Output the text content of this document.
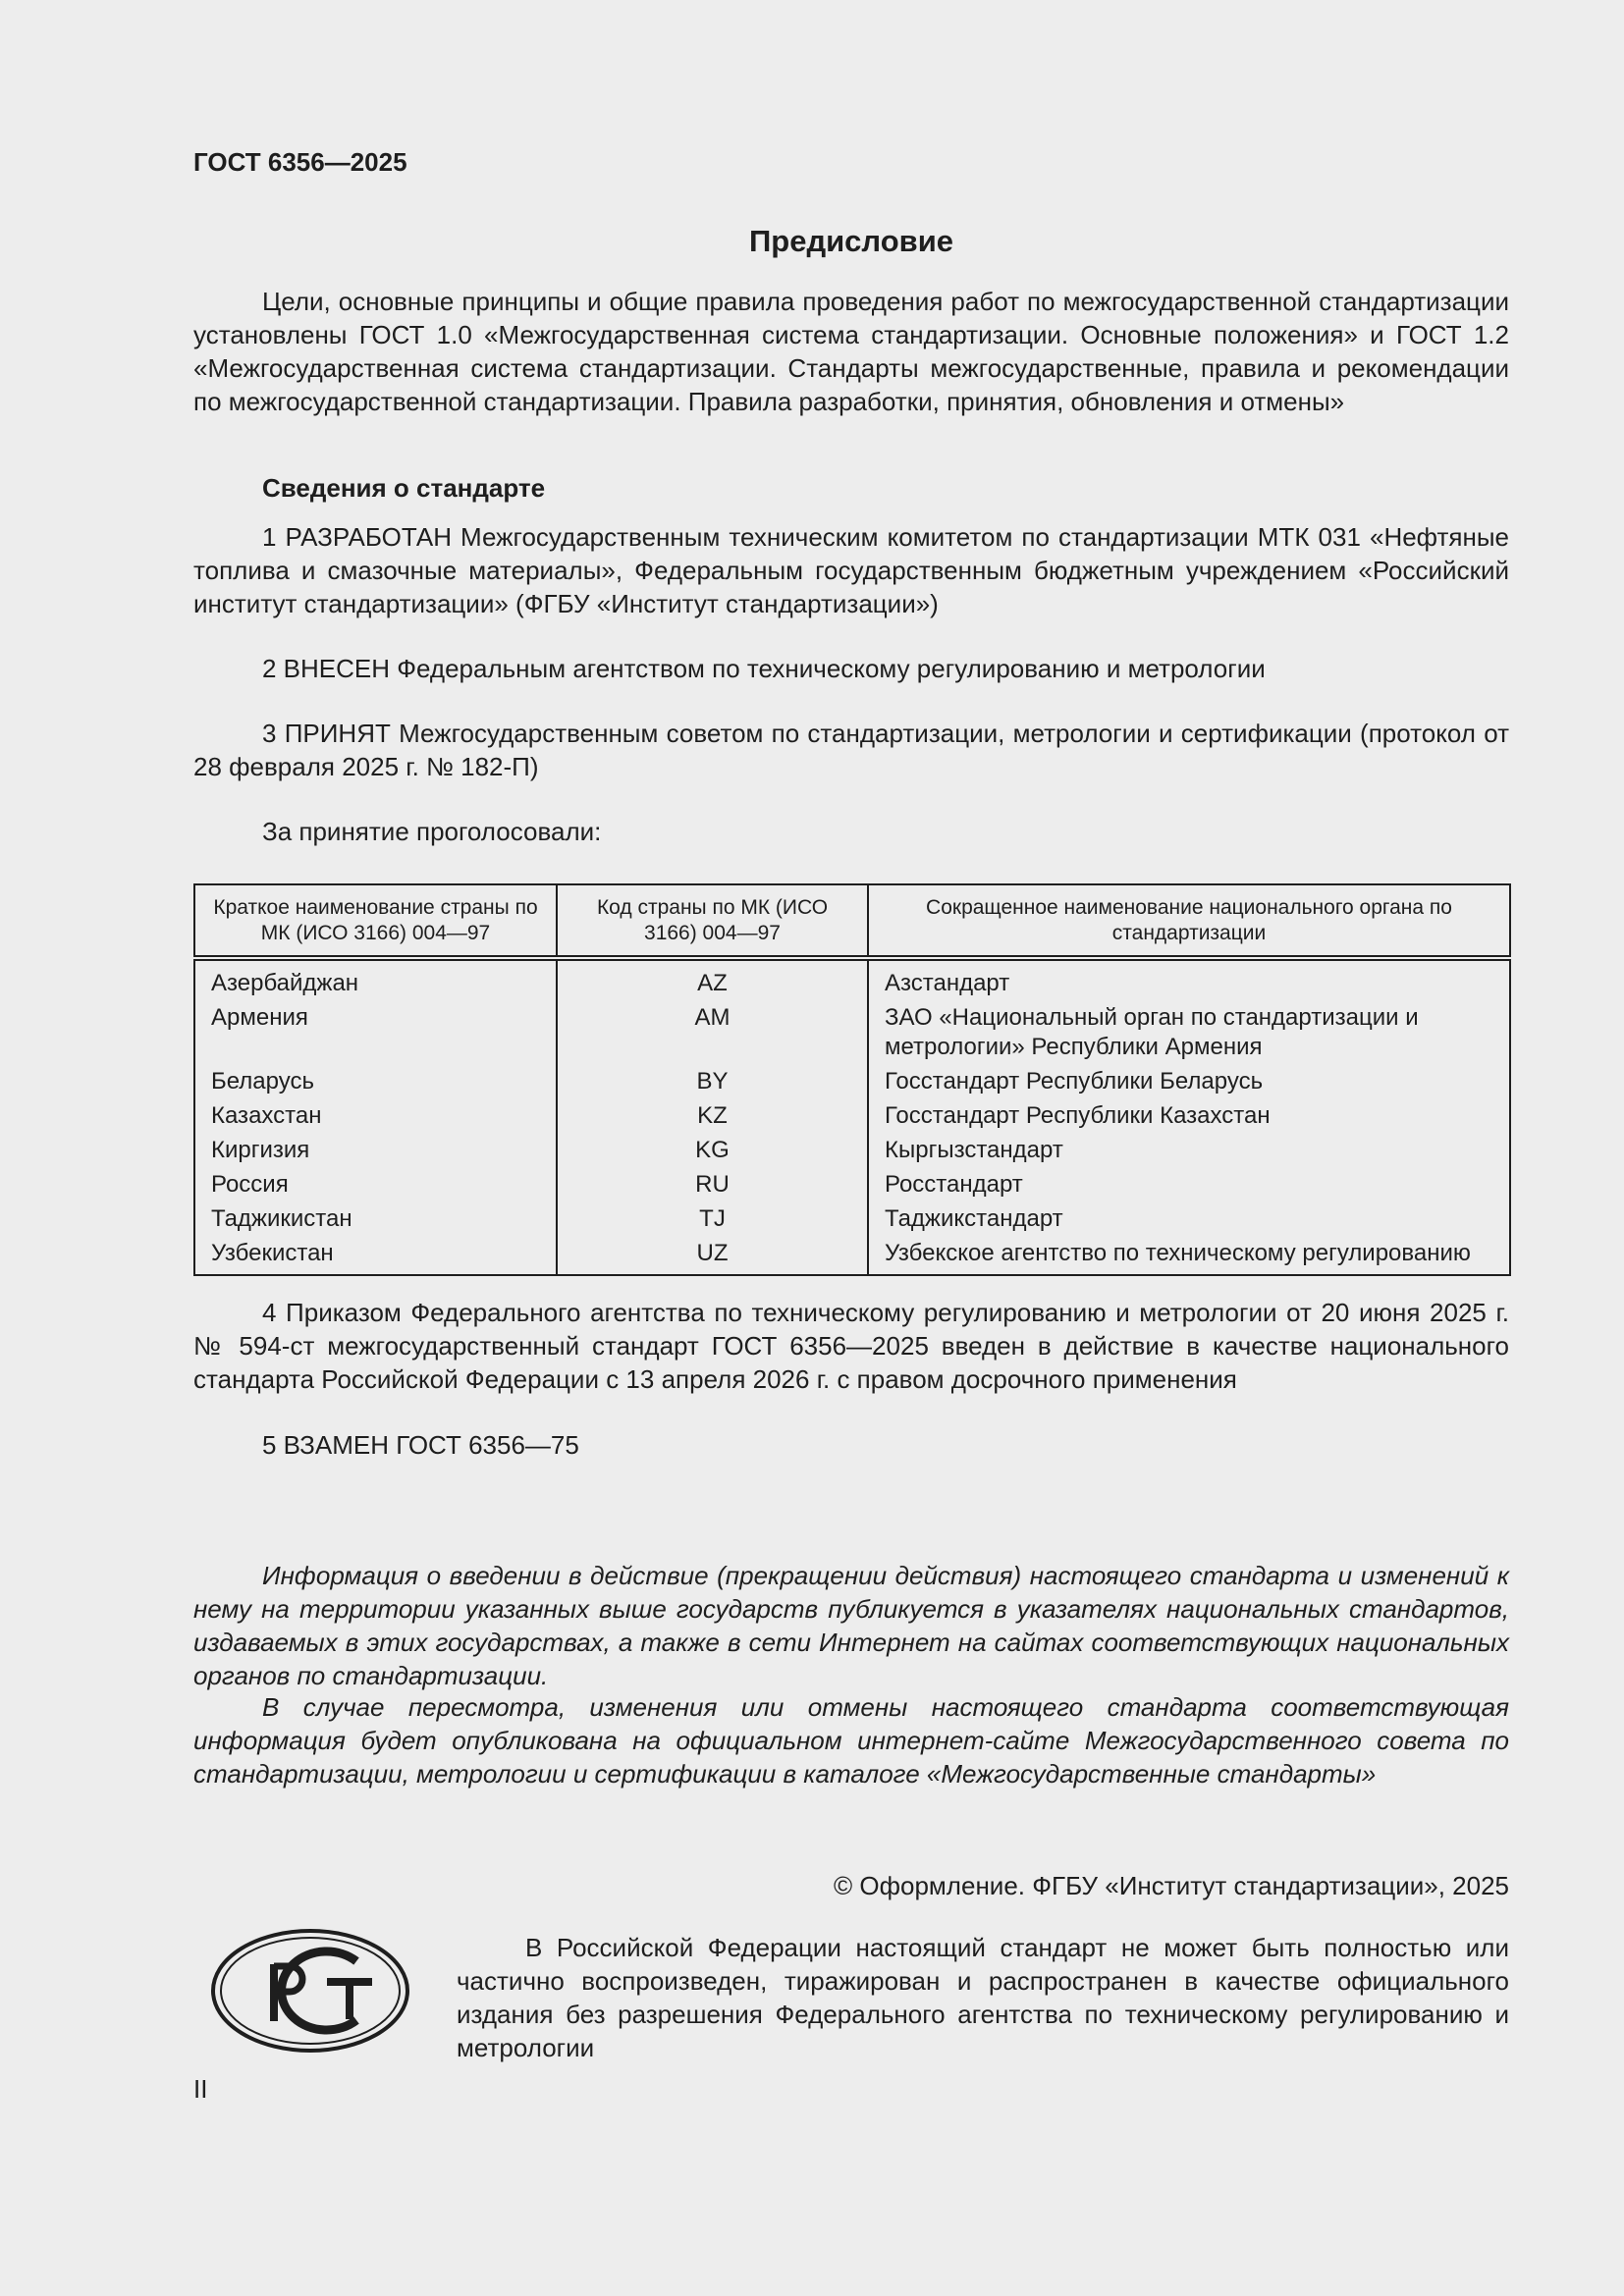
ГОСТ 6356—2025
Предисловие
Цели, основные принципы и общие правила проведения работ по межгосударственной стандартизации установлены ГОСТ 1.0 «Межгосударственная система стандартизации. Основные положения» и ГОСТ 1.2 «Межгосударственная система стандартизации. Стандарты межгосударственные, правила и рекомендации по межгосударственной стандартизации. Правила разработки, принятия, обновления и отмены»
Сведения о стандарте
1 РАЗРАБОТАН Межгосударственным техническим комитетом по стандартизации МТК 031 «Нефтяные топлива и смазочные материалы», Федеральным государственным бюджетным учреждением «Российский институт стандартизации» (ФГБУ «Институт стандартизации»)
2 ВНЕСЕН Федеральным агентством по техническому регулированию и метрологии
3 ПРИНЯТ Межгосударственным советом по стандартизации, метрологии и сертификации (протокол от 28 февраля 2025 г. № 182-П)
За принятие проголосовали:
Краткое наименование страны по МК (ИСО 3166) 004—97	Код страны по МК (ИСО 3166) 004—97	Сокращенное наименование национального органа по стандартизации
Азербайджан	AZ	Азстандарт
Армения	AM	ЗАО «Национальный орган по стандартизации и метрологии» Республики Армения
Беларусь	BY	Госстандарт Республики Беларусь
Казахстан	KZ	Госстандарт Республики Казахстан
Киргизия	KG	Кыргызстандарт
Россия	RU	Росстандарт
Таджикистан	TJ	Таджикстандарт
Узбекистан	UZ	Узбекское агентство по техническому регулированию
4 Приказом Федерального агентства по техническому регулированию и метрологии от 20 июня 2025 г. № 594-ст межгосударственный стандарт ГОСТ 6356—2025 введен в действие в качестве национального стандарта Российской Федерации с 13 апреля 2026 г. с правом досрочного применения
5 ВЗАМЕН ГОСТ 6356—75
Информация о введении в действие (прекращении действия) настоящего стандарта и изменений к нему на территории указанных выше государств публикуется в указателях национальных стандартов, издаваемых в этих государствах, а также в сети Интернет на сайтах соответствующих национальных органов по стандартизации.
В случае пересмотра, изменения или отмены настоящего стандарта соответствующая информация будет опубликована на официальном интернет-сайте Межгосударственного совета по стандартизации, метрологии и сертификации в каталоге «Межгосударственные стандарты»
© Оформление. ФГБУ «Институт стандартизации», 2025
В Российской Федерации настоящий стандарт не может быть полностью или частично воспроизведен, тиражирован и распространен в качестве официального издания без разрешения Федерального агентства по техническому регулированию и метрологии
II
